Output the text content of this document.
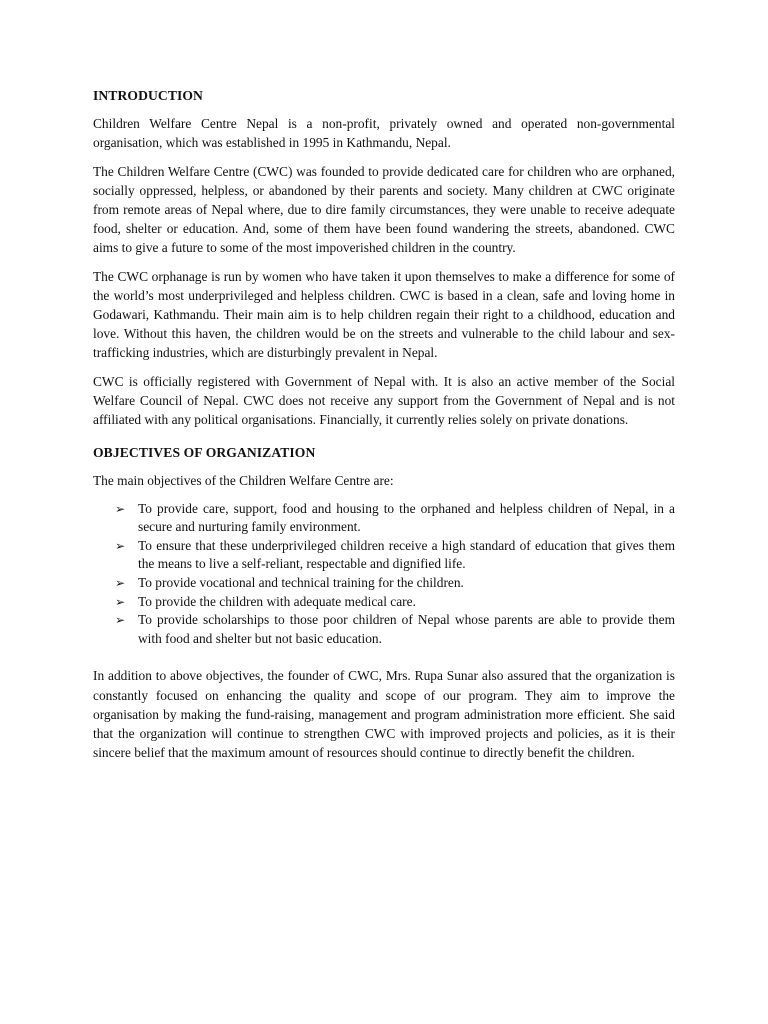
INTRODUCTION

Children Welfare Centre Nepal is a non-profit, privately owned and operated non-governmental organisation, which was established in 1995 in Kathmandu, Nepal.

The Children Welfare Centre (CWC) was founded to provide dedicated care for children who are orphaned, socially oppressed, helpless, or abandoned by their parents and society. Many children at CWC originate from remote areas of Nepal where, due to dire family circumstances, they were unable to receive adequate food, shelter or education. And, some of them have been found wandering the streets, abandoned. CWC aims to give a future to some of the most impoverished children in the country.

The CWC orphanage is run by women who have taken it upon themselves to make a difference for some of the world’s most underprivileged and helpless children. CWC is based in a clean, safe and loving home in Godawari, Kathmandu. Their main aim is to help children regain their right to a childhood, education and love. Without this haven, the children would be on the streets and vulnerable to the child labour and sex-trafficking industries, which are disturbingly prevalent in Nepal.

CWC is officially registered with Government of Nepal with. It is also an active member of the Social Welfare Council of Nepal. CWC does not receive any support from the Government of Nepal and is not affiliated with any political organisations. Financially, it currently relies solely on private donations.

OBJECTIVES OF ORGANIZATION

The main objectives of the Children Welfare Centre are:

➢ To provide care, support, food and housing to the orphaned and helpless children of Nepal, in a secure and nurturing family environment.
➢ To ensure that these underprivileged children receive a high standard of education that gives them the means to live a self-reliant, respectable and dignified life.
➢ To provide vocational and technical training for the children.
➢ To provide the children with adequate medical care.
➢ To provide scholarships to those poor children of Nepal whose parents are able to provide them with food and shelter but not basic education.

In addition to above objectives, the founder of CWC, Mrs. Rupa Sunar also assured that the organization is constantly focused on enhancing the quality and scope of our program. They aim to improve the organisation by making the fund-raising, management and program administration more efficient. She said that the organization will continue to strengthen CWC with improved projects and policies, as it is their sincere belief that the maximum amount of resources should continue to directly benefit the children.
